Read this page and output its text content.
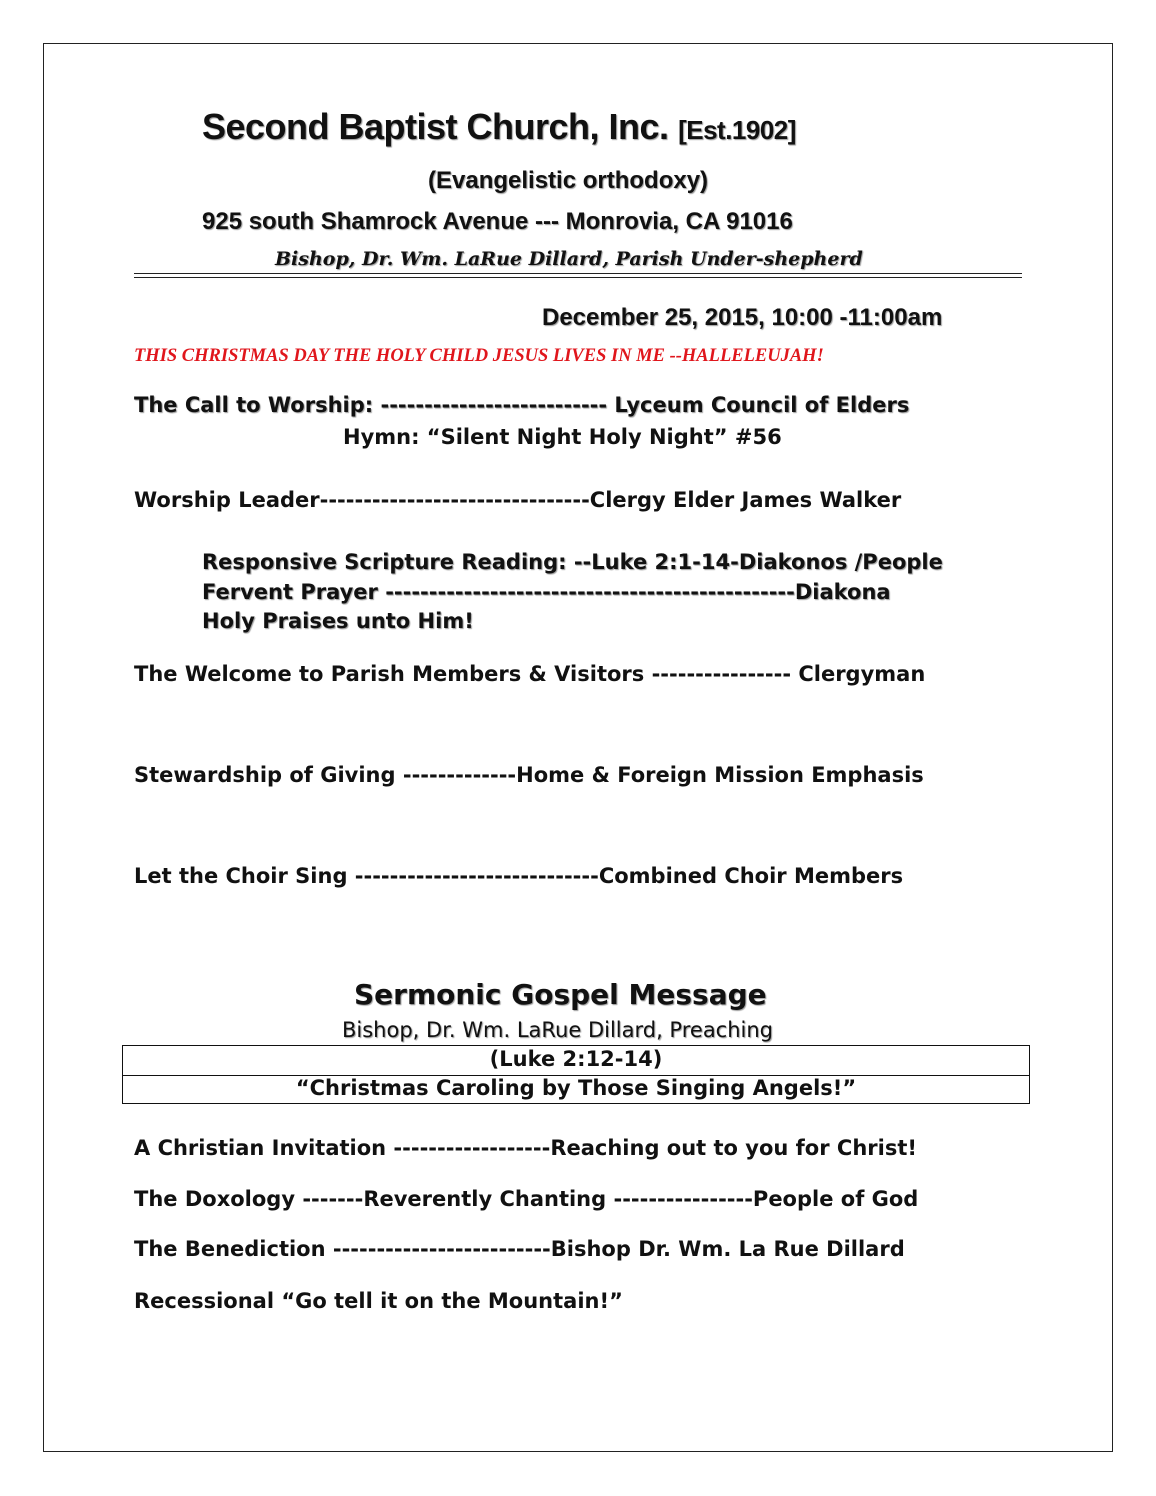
Second Baptist Church, Inc. [Est.1902]
(Evangelistic orthodoxy)
925 south Shamrock Avenue --- Monrovia, CA 91016
Bishop, Dr. Wm. LaRue Dillard, Parish Under-shepherd
December 25, 2015, 10:00 -11:00am
THIS CHRISTMAS DAY THE HOLY CHILD JESUS LIVES IN ME --HALLELEUJAH!
The Call to Worship: -------------------------- Lyceum Council of Elders
Hymn: “Silent Night Holy Night” #56
Worship Leader-------------------------------Clergy Elder James Walker
Responsive Scripture Reading: --Luke 2:1-14-Diakonos /People
Fervent Prayer -----------------------------------------------Diakona
Holy Praises unto Him!
The Welcome to Parish Members & Visitors ---------------- Clergyman
Stewardship of Giving -------------Home & Foreign Mission Emphasis
Let the Choir Sing ----------------------------Combined Choir Members
Sermonic Gospel Message
Bishop, Dr. Wm. LaRue Dillard, Preaching
(Luke 2:12-14)
“Christmas Caroling by Those Singing Angels!”
A Christian Invitation ------------------Reaching out to you for Christ!
The Doxology -------Reverently Chanting ----------------People of God
The Benediction -------------------------Bishop Dr. Wm. La Rue Dillard
Recessional “Go tell it on the Mountain!”
